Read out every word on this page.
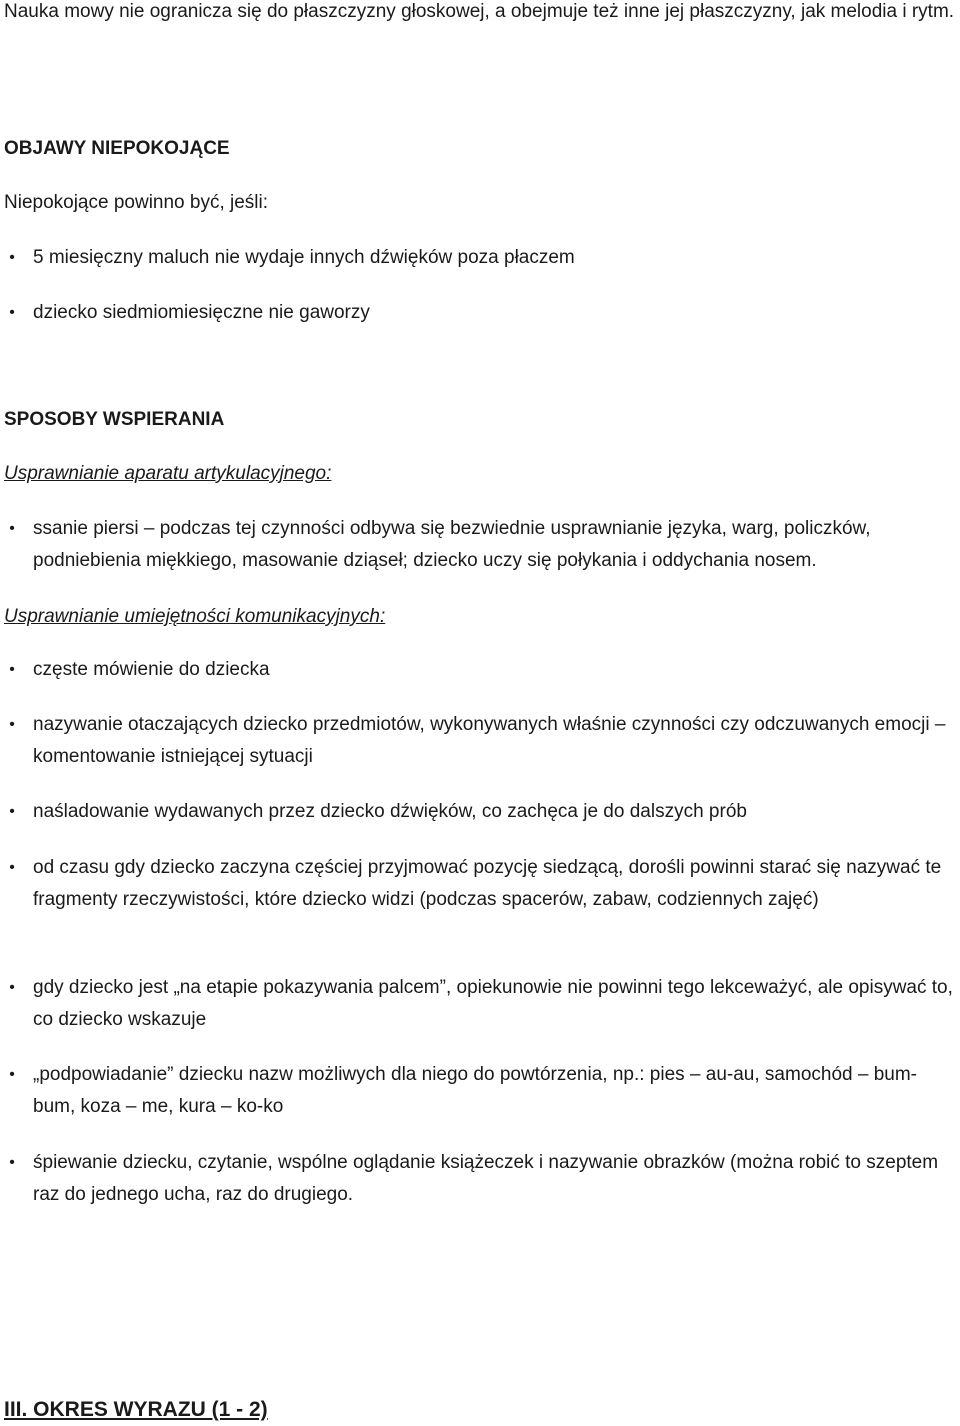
Nauka mowy nie ogranicza się do płaszczyzny głoskowej, a obejmuje też inne jej płaszczyzny, jak melodia i rytm.

OBJAWY NIEPOKOJĄCE

Niepokojące powinno być, jeśli:

• 5 miesięczny maluch nie wydaje innych dźwięków poza płaczem
• dziecko siedmiomiesięczne nie gaworzy

SPOSOBY WSPIERANIA

Usprawnianie aparatu artykulacyjnego:

• ssanie piersi – podczas tej czynności odbywa się bezwiednie usprawnianie języka, warg, policzków, podniebienia miękkiego, masowanie dziąseł; dziecko uczy się połykania i oddychania nosem.

Usprawnianie umiejętności komunikacyjnych:

• częste mówienie do dziecka
• nazywanie otaczających dziecko przedmiotów, wykonywanych właśnie czynności czy odczuwanych emocji – komentowanie istniejącej sytuacji
• naśladowanie wydawanych przez dziecko dźwięków, co zachęca je do dalszych prób
• od czasu gdy dziecko zaczyna częściej przyjmować pozycję siedzącą, dorośli powinni starać się nazywać te fragmenty rzeczywistości, które dziecko widzi (podczas spacerów, zabaw, codziennych zajęć)
• gdy dziecko jest „na etapie pokazywania palcem”, opiekunowie nie powinni tego lekceważyć, ale opisywać to, co dziecko wskazuje
• „podpowiadanie” dziecku nazw możliwych dla niego do powtórzenia, np.: pies – au-au, samochód – bum-bum, koza – me, kura – ko-ko
• śpiewanie dziecku, czytanie, wspólne oglądanie książeczek i nazywanie obrazków (można robić to szeptem raz do jednego ucha, raz do drugiego.

III. OKRES WYRAZU (1 - 2)
